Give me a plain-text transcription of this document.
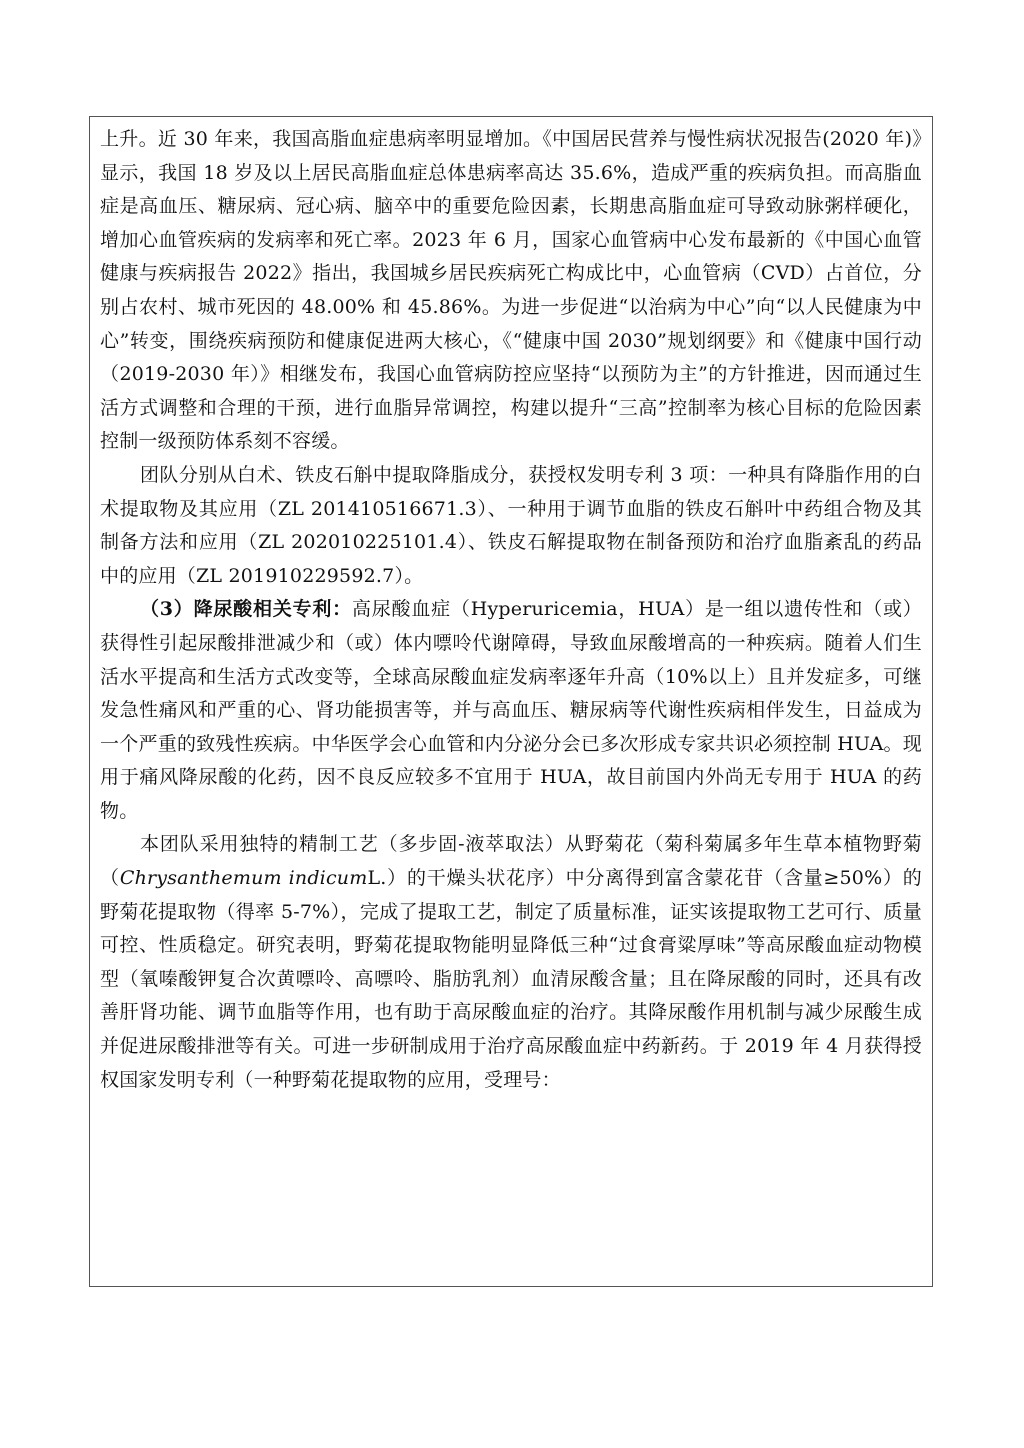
上升。近 30 年来，我国高脂血症患病率明显增加。《中国居民营养与慢性病状况报告(2020 年)》显示，我国 18 岁及以上居民高脂血症总体患病率高达 35.6%，造成严重的疾病负担。而高脂血症是高血压、糖尿病、冠心病、脑卒中的重要危险因素，长期患高脂血症可导致动脉粥样硬化，增加心血管疾病的发病率和死亡率。2023 年 6 月，国家心血管病中心发布最新的《中国心血管健康与疾病报告 2022》指出，我国城乡居民疾病死亡构成比中，心血管病（CVD）占首位，分别占农村、城市死因的 48.00% 和 45.86%。为进一步促进“以治病为中心”向“以人民健康为中心”转变，围绕疾病预防和健康促进两大核心，《“健康中国 2030”规划纲要》和《健康中国行动（2019-2030 年）》相继发布，我国心血管病防控应坚持“以预防为主”的方针推进，因而通过生活方式调整和合理的干预，进行血脂异常调控，构建以提升“三高”控制率为核心目标的危险因素控制一级预防体系刻不容缓。

团队分别从白术、铁皮石斛中提取降脂成分，获授权发明专利 3 项：一种具有降脂作用的白术提取物及其应用（ZL 201410516671.3）、一种用于调节血脂的铁皮石斛叶中药组合物及其制备方法和应用（ZL 202010225101.4）、铁皮石解提取物在制备预防和治疗血脂紊乱的药品中的应用（ZL 201910229592.7）。

（3）降尿酸相关专利：高尿酸血症（Hyperuricemia，HUA）是一组以遗传性和（或）获得性引起尿酸排泄减少和（或）体内嘌呤代谢障碍，导致血尿酸增高的一种疾病。随着人们生活水平提高和生活方式改变等，全球高尿酸血症发病率逐年升高（10%以上）且并发症多，可继发急性痛风和严重的心、肾功能损害等，并与高血压、糖尿病等代谢性疾病相伴发生，日益成为一个严重的致残性疾病。中华医学会心血管和内分泌分会已多次形成专家共识必须控制 HUA。现用于痛风降尿酸的化药，因不良反应较多不宜用于 HUA，故目前国内外尚无专用于 HUA 的药物。

本团队采用独特的精制工艺（多步固-液萃取法）从野菊花（菊科菊属多年生草本植物野菊（Chrysanthemum indicumL.）的干燥头状花序）中分离得到富含蒙花苷（含量≥50%）的野菊花提取物（得率 5-7%），完成了提取工艺，制定了质量标准，证实该提取物工艺可行、质量可控、性质稳定。研究表明，野菊花提取物能明显降低三种“过食膏粱厚味”等高尿酸血症动物模型（氧嗪酸钾复合次黄嘌呤、高嘌呤、脂肪乳剂）血清尿酸含量；且在降尿酸的同时，还具有改善肝肾功能、调节血脂等作用，也有助于高尿酸血症的治疗。其降尿酸作用机制与减少尿酸生成并促进尿酸排泄等有关。可进一步研制成用于治疗高尿酸血症中药新药。于 2019 年 4 月获得授权国家发明专利（一种野菊花提取物的应用，受理号：
